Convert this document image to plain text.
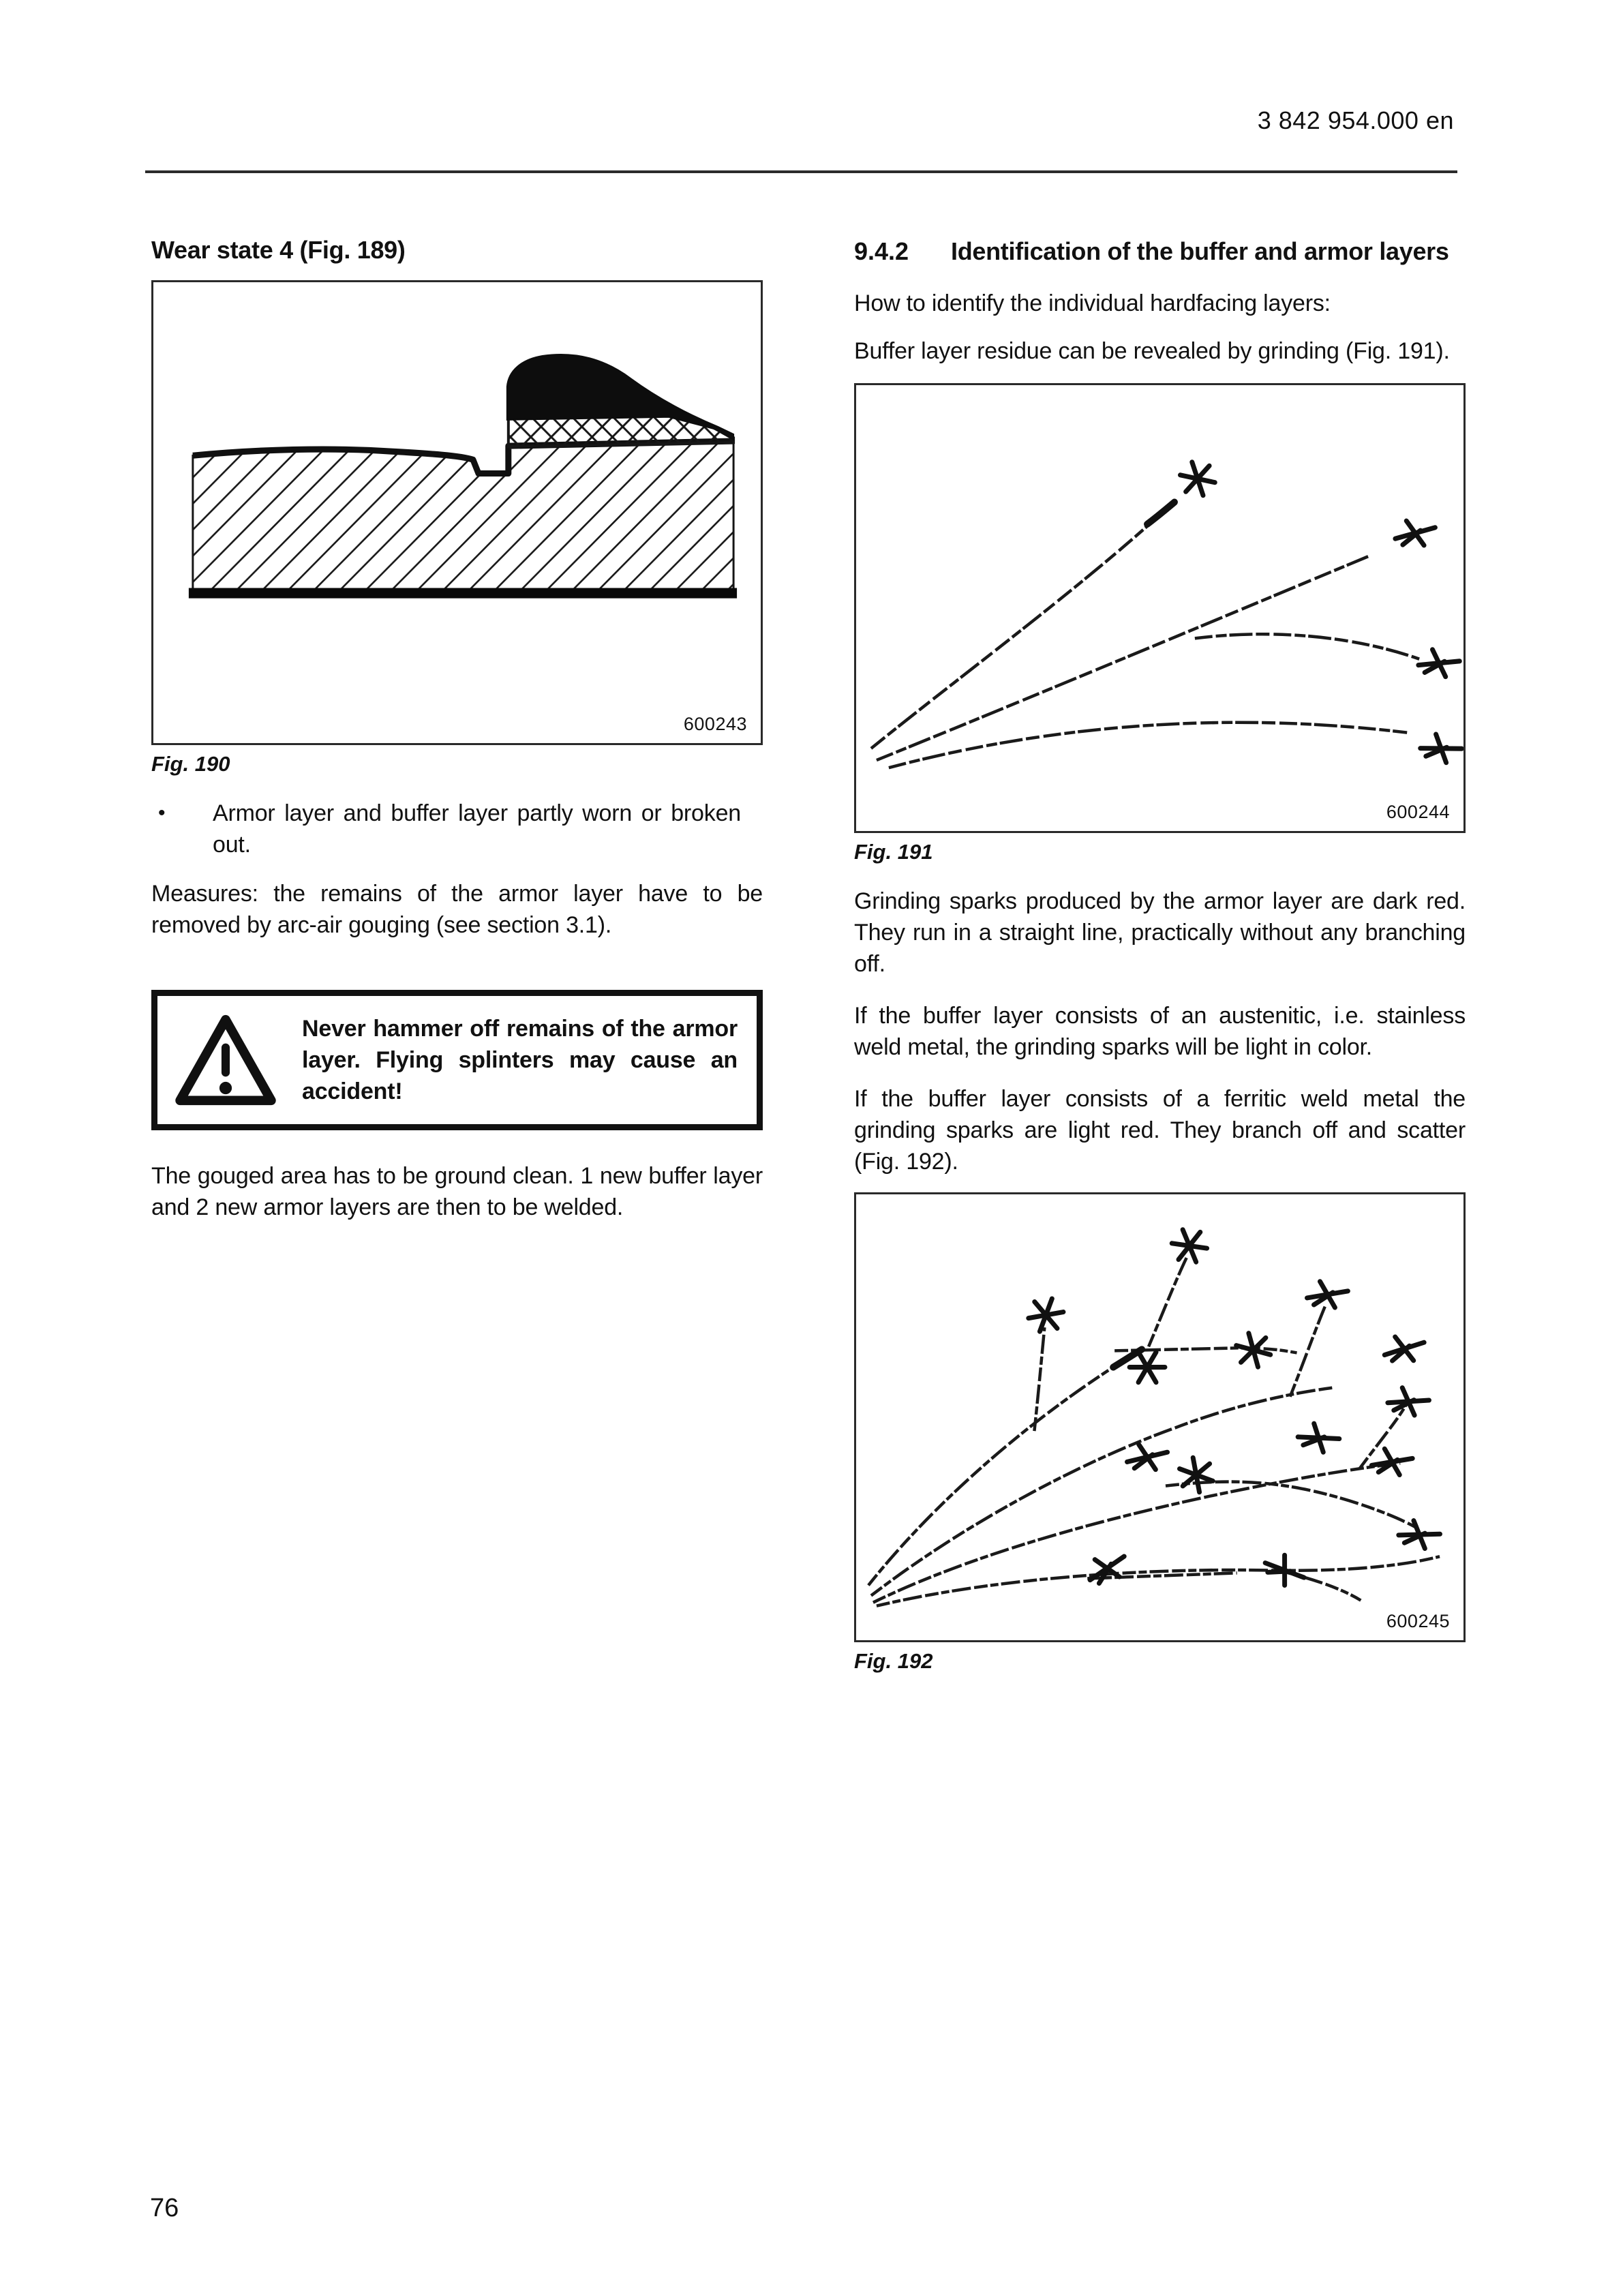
3 842 954.000 en
Wear state 4 (Fig. 189)
600243
Fig. 190
•	Armor layer and buffer layer partly worn or broken out.

Measures: the remains of the armor layer have to be removed by arc-air gouging (see section 3.1).

Never hammer off remains of the armor layer. Flying splinters may cause an accident!

The gouged area has to be ground clean. 1 new buffer layer and 2 new armor layers are then to be welded.

9.4.2	Identification of the buffer and armor layers

How to identify the individual hardfacing layers:

Buffer layer residue can be revealed by grinding (Fig. 191).

600244
Fig. 191

Grinding sparks produced by the armor layer are dark red. They run in a straight line, practically without any branching off.

If the buffer layer consists of an austenitic, i.e. stainless weld metal, the grinding sparks will be light in color.

If the buffer layer consists of a ferritic weld metal the grinding sparks are light red. They branch off and scatter (Fig. 192).

600245
Fig. 192
76
